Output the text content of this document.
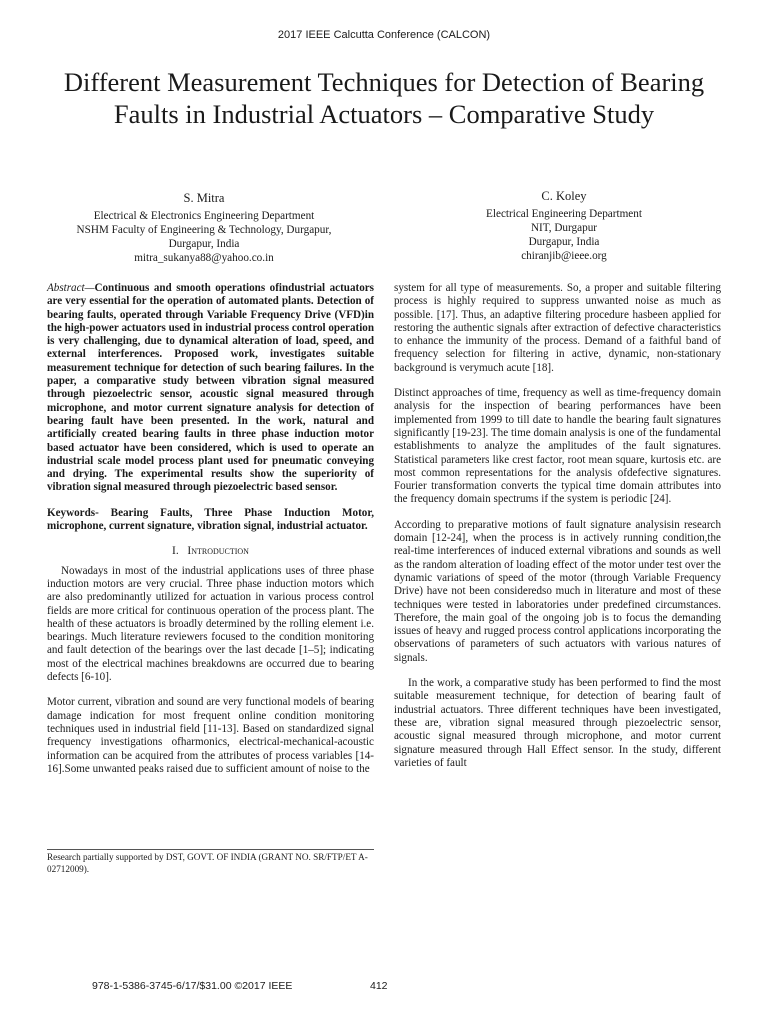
2017 IEEE Calcutta Conference (CALCON)
Different Measurement Techniques for Detection of Bearing Faults in Industrial Actuators – Comparative Study
S. Mitra
Electrical & Electronics Engineering Department
NSHM Faculty of Engineering & Technology, Durgapur,
Durgapur, India
mitra_sukanya88@yahoo.co.in
C. Koley
Electrical Engineering Department
NIT, Durgapur
Durgapur, India
chiranjib@ieee.org

Abstract—Continuous and smooth operations ofindustrial actuators are very essential for the operation of automated plants. Detection of bearing faults, operated through Variable Frequency Drive (VFD)in the high-power actuators used in industrial process control operation is very challenging, due to dynamical alteration of load, speed, and external interferences. Proposed work, investigates suitable measurement technique for detection of such bearing failures. In the paper, a comparative study between vibration signal measured through piezoelectric sensor, acoustic signal measured through microphone, and motor current signature analysis for detection of bearing fault have been presented. In the work, natural and artificially created bearing faults in three phase induction motor based actuator have been considered, which is used to operate an industrial scale model process plant used for pneumatic conveying and drying. The experimental results show the superiority of vibration signal measured through piezoelectric based sensor.

Keywords- Bearing Faults, Three Phase Induction Motor, microphone, current signature, vibration signal, industrial actuator.

I. Introduction

Nowadays in most of the industrial applications uses of three phase induction motors are very crucial. Three phase induction motors which are also predominantly utilized for actuation in various process control fields are more critical for continuous operation of the process plant. The health of these actuators is broadly determined by the rolling element i.e. bearings. Much literature reviewers focused to the condition monitoring and fault detection of the bearings over the last decade [1–5]; indicating most of the electrical machines breakdowns are occurred due to bearing defects [6-10].

Motor current, vibration and sound are very functional models of bearing damage indication for most frequent online condition monitoring techniques used in industrial field [11-13]. Based on standardized signal frequency investigations ofharmonics, electrical-mechanical-acoustic information can be acquired from the attributes of process variables [14-16].Some unwanted peaks raised due to sufficient amount of noise to the

Research partially supported by DST, GOVT. OF INDIA (GRANT NO. SR/FTP/ET A-02712009).

system for all type of measurements. So, a proper and suitable filtering process is highly required to suppress unwanted noise as much as possible. [17]. Thus, an adaptive filtering procedure hasbeen applied for restoring the authentic signals after extraction of defective characteristics to enhance the immunity of the process. Demand of a faithful band of frequency selection for filtering in active, dynamic, non-stationary background is verymuch acute [18].

Distinct approaches of time, frequency as well as time-frequency domain analysis for the inspection of bearing performances have been implemented from 1999 to till date to handle the bearing fault signatures significantly [19-23]. The time domain analysis is one of the fundamental establishments to analyze the amplitudes of the fault signatures. Statistical parameters like crest factor, root mean square, kurtosis etc. are most common representations for the analysis ofdefective signatures. Fourier transformation converts the typical time domain attributes into the frequency domain spectrums if the system is periodic [24].

According to preparative motions of fault signature analysisin research domain [12-24], when the process is in actively running condition,the real-time interferences of induced external vibrations and sounds as well as the random alteration of loading effect of the motor under test over the dynamic variations of speed of the motor (through Variable Frequency Drive) have not been consideredso much in literature and most of these techniques were tested in laboratories under predefined circumstances. Therefore, the main goal of the ongoing job is to focus the demanding issues of heavy and rugged process control applications incorporating the observations of parameters of such actuators with various natures of signals.

In the work, a comparative study has been performed to find the most suitable measurement technique, for detection of bearing fault of industrial actuators. Three different techniques have been investigated, these are, vibration signal measured through piezoelectric sensor, acoustic signal measured through microphone, and motor current signature measured through Hall Effect sensor. In the study, different varieties of fault

978-1-5386-3745-6/17/$31.00 ©2017 IEEE	412
